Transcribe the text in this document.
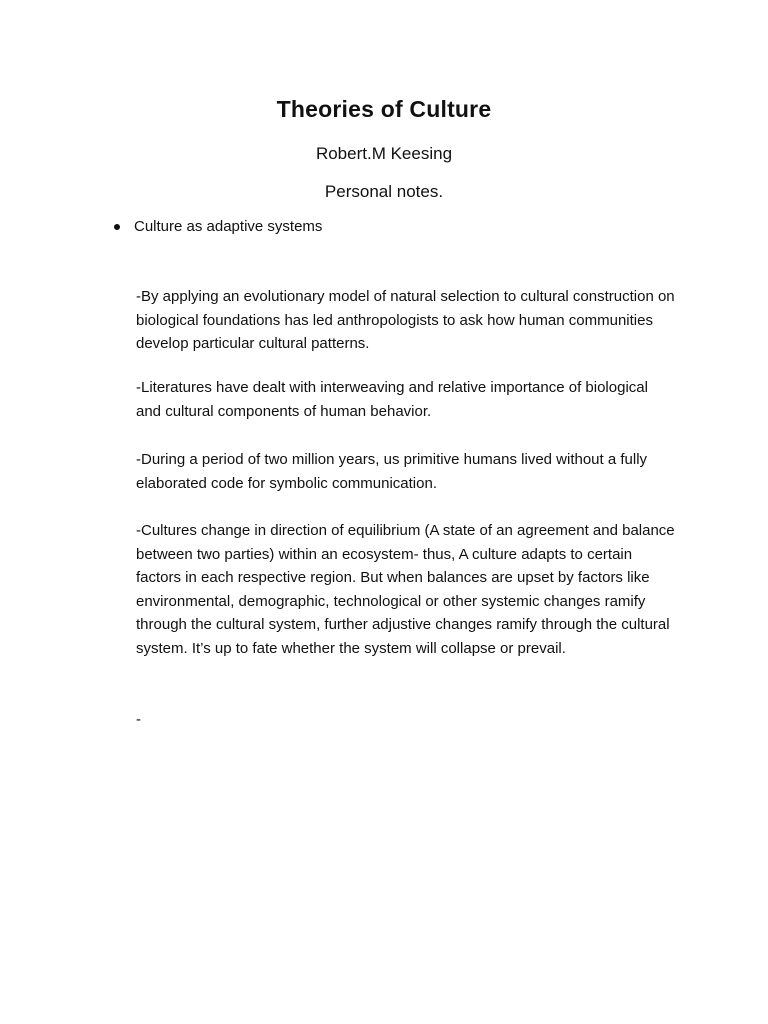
Theories of Culture
Robert.M Keesing
Personal notes.
Culture as adaptive systems
-By applying an evolutionary model of natural selection to cultural construction on biological foundations has led anthropologists to ask how human communities develop particular cultural patterns.
-Literatures have dealt with interweaving and relative importance of biological and cultural components of human behavior.
-During a period of two million years, us primitive humans lived without a fully elaborated code for symbolic communication.
-Cultures change in direction of equilibrium (A state of an agreement and balance between two parties) within an ecosystem- thus, A culture adapts to certain factors in each respective region. But when balances are upset by factors like environmental, demographic, technological or other systemic changes ramify through the cultural system, further adjustive changes ramify through the cultural system. It’s up to fate whether the system will collapse or prevail.
-
